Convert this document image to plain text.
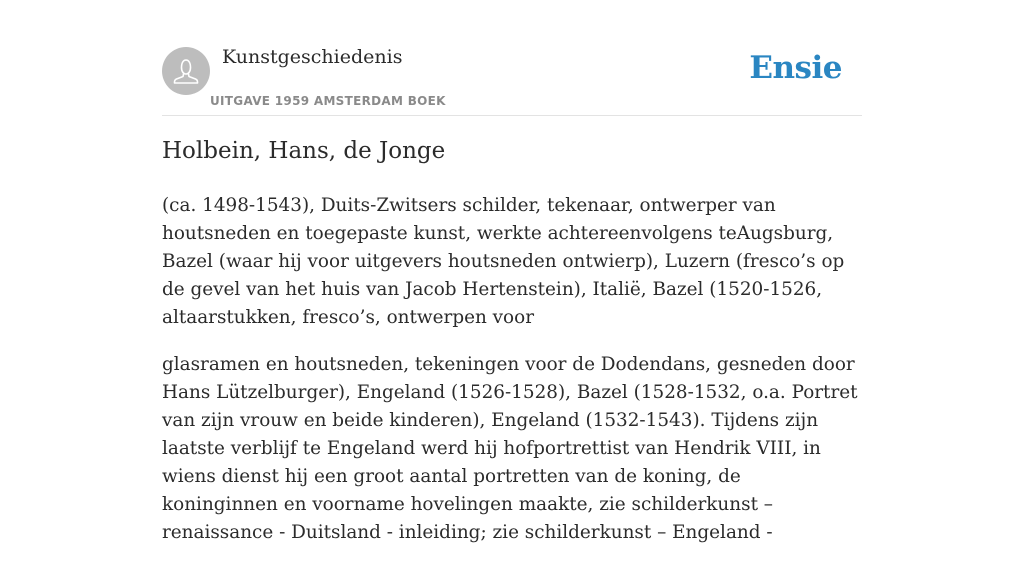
Kunstgeschiedenis
UITGAVE 1959 AMSTERDAM BOEK
Ensie
Holbein, Hans, de Jonge

(ca. 1498-1543), Duits-Zwitsers schilder, tekenaar, ontwerper van houtsneden en toegepaste kunst, werkte achtereenvolgens teAugsburg, Bazel (waar hij voor uitgevers houtsneden ontwierp), Luzern (fresco’s op de gevel van het huis van Jacob Hertenstein), Italië, Bazel (1520-1526, altaarstukken, fresco’s, ontwerpen voor

glasramen en houtsneden, tekeningen voor de Dodendans, gesneden door Hans Lützelburger), Engeland (1526-1528), Bazel (1528-1532, o.a. Portret van zijn vrouw en beide kinderen), Engeland (1532-1543). Tijdens zijn laatste verblijf te Engeland werd hij hofportrettist van Hendrik VIII, in wiens dienst hij een groot aantal portretten van de koning, de koninginnen en voorname hovelingen maakte, zie schilderkunst – renaissance - Duitsland - inleiding; zie schilderkunst – Engeland -
